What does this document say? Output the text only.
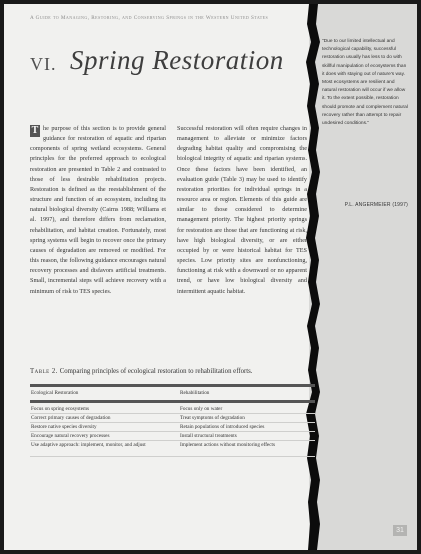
A Guide to Managing, Restoring, and Conserving Springs in the Western United States
VI. Spring Restoration
T he purpose of this section is to provide general guidance for restoration of aquatic and riparian components of spring wetland ecosystems. General principles for the preferred approach to ecological restoration are presented in Table 2 and contrasted to those of less desirable rehabilitation projects. Restoration is defined as the reestablishment of the structure and function of an ecosystem, including its natural biological diversity (Cairns 1988; Williams et al. 1997), and therefore differs from reclamation, rehabilitation, and habitat creation. Fortunately, most spring systems will begin to recover once the primary causes of degradation are removed or modified. For this reason, the following guidance encourages natural recovery processes and disfavors artificial treatments. Small, incremental steps will achieve recovery with a minimum of risk to TES species.
Successful restoration will often require changes in management to alleviate or minimize factors degrading habitat quality and compromising the biological integrity of aquatic and riparian systems. Once these factors have been identified, an evaluation guide (Table 3) may be used to identify restoration priorities for individual springs in a resource area or region. Elements of this guide are similar to those considered to determine management priority. The highest priority springs for restoration are those that are functioning at risk, have high biological diversity, or are either occupied by or were historical habitat for TES species. Low priority sites are nonfunctioning, functioning at risk with a downward or no apparent trend, or have low biological diversity and intermittent aquatic habitat.
"Due to our limited intellectual and technological capability, successful restoration usually has less to do with skillful manipulation of ecosystems than it does with staying out of nature's way. Most ecosystems are resilient and natural restoration will occur if we allow it. To the extent possible, restoration should promote and complement natural recovery rather than attempt to repair undesired conditions."
P.L. ANGERMEIER (1997)
Table 2. Comparing principles of ecological restoration to rehabilitation efforts.
Ecological Restoration	Rehabilitation
Focus on spring ecosystems	Focus only on water
Correct primary causes of degradation	Treat symptoms of degradation
Restore native species diversity	Retain populations of introduced species
Encourage natural recovery processes	Install structural treatments
Use adaptive approach: implement, monitor, and adjust	Implement actions without monitoring effects
31
